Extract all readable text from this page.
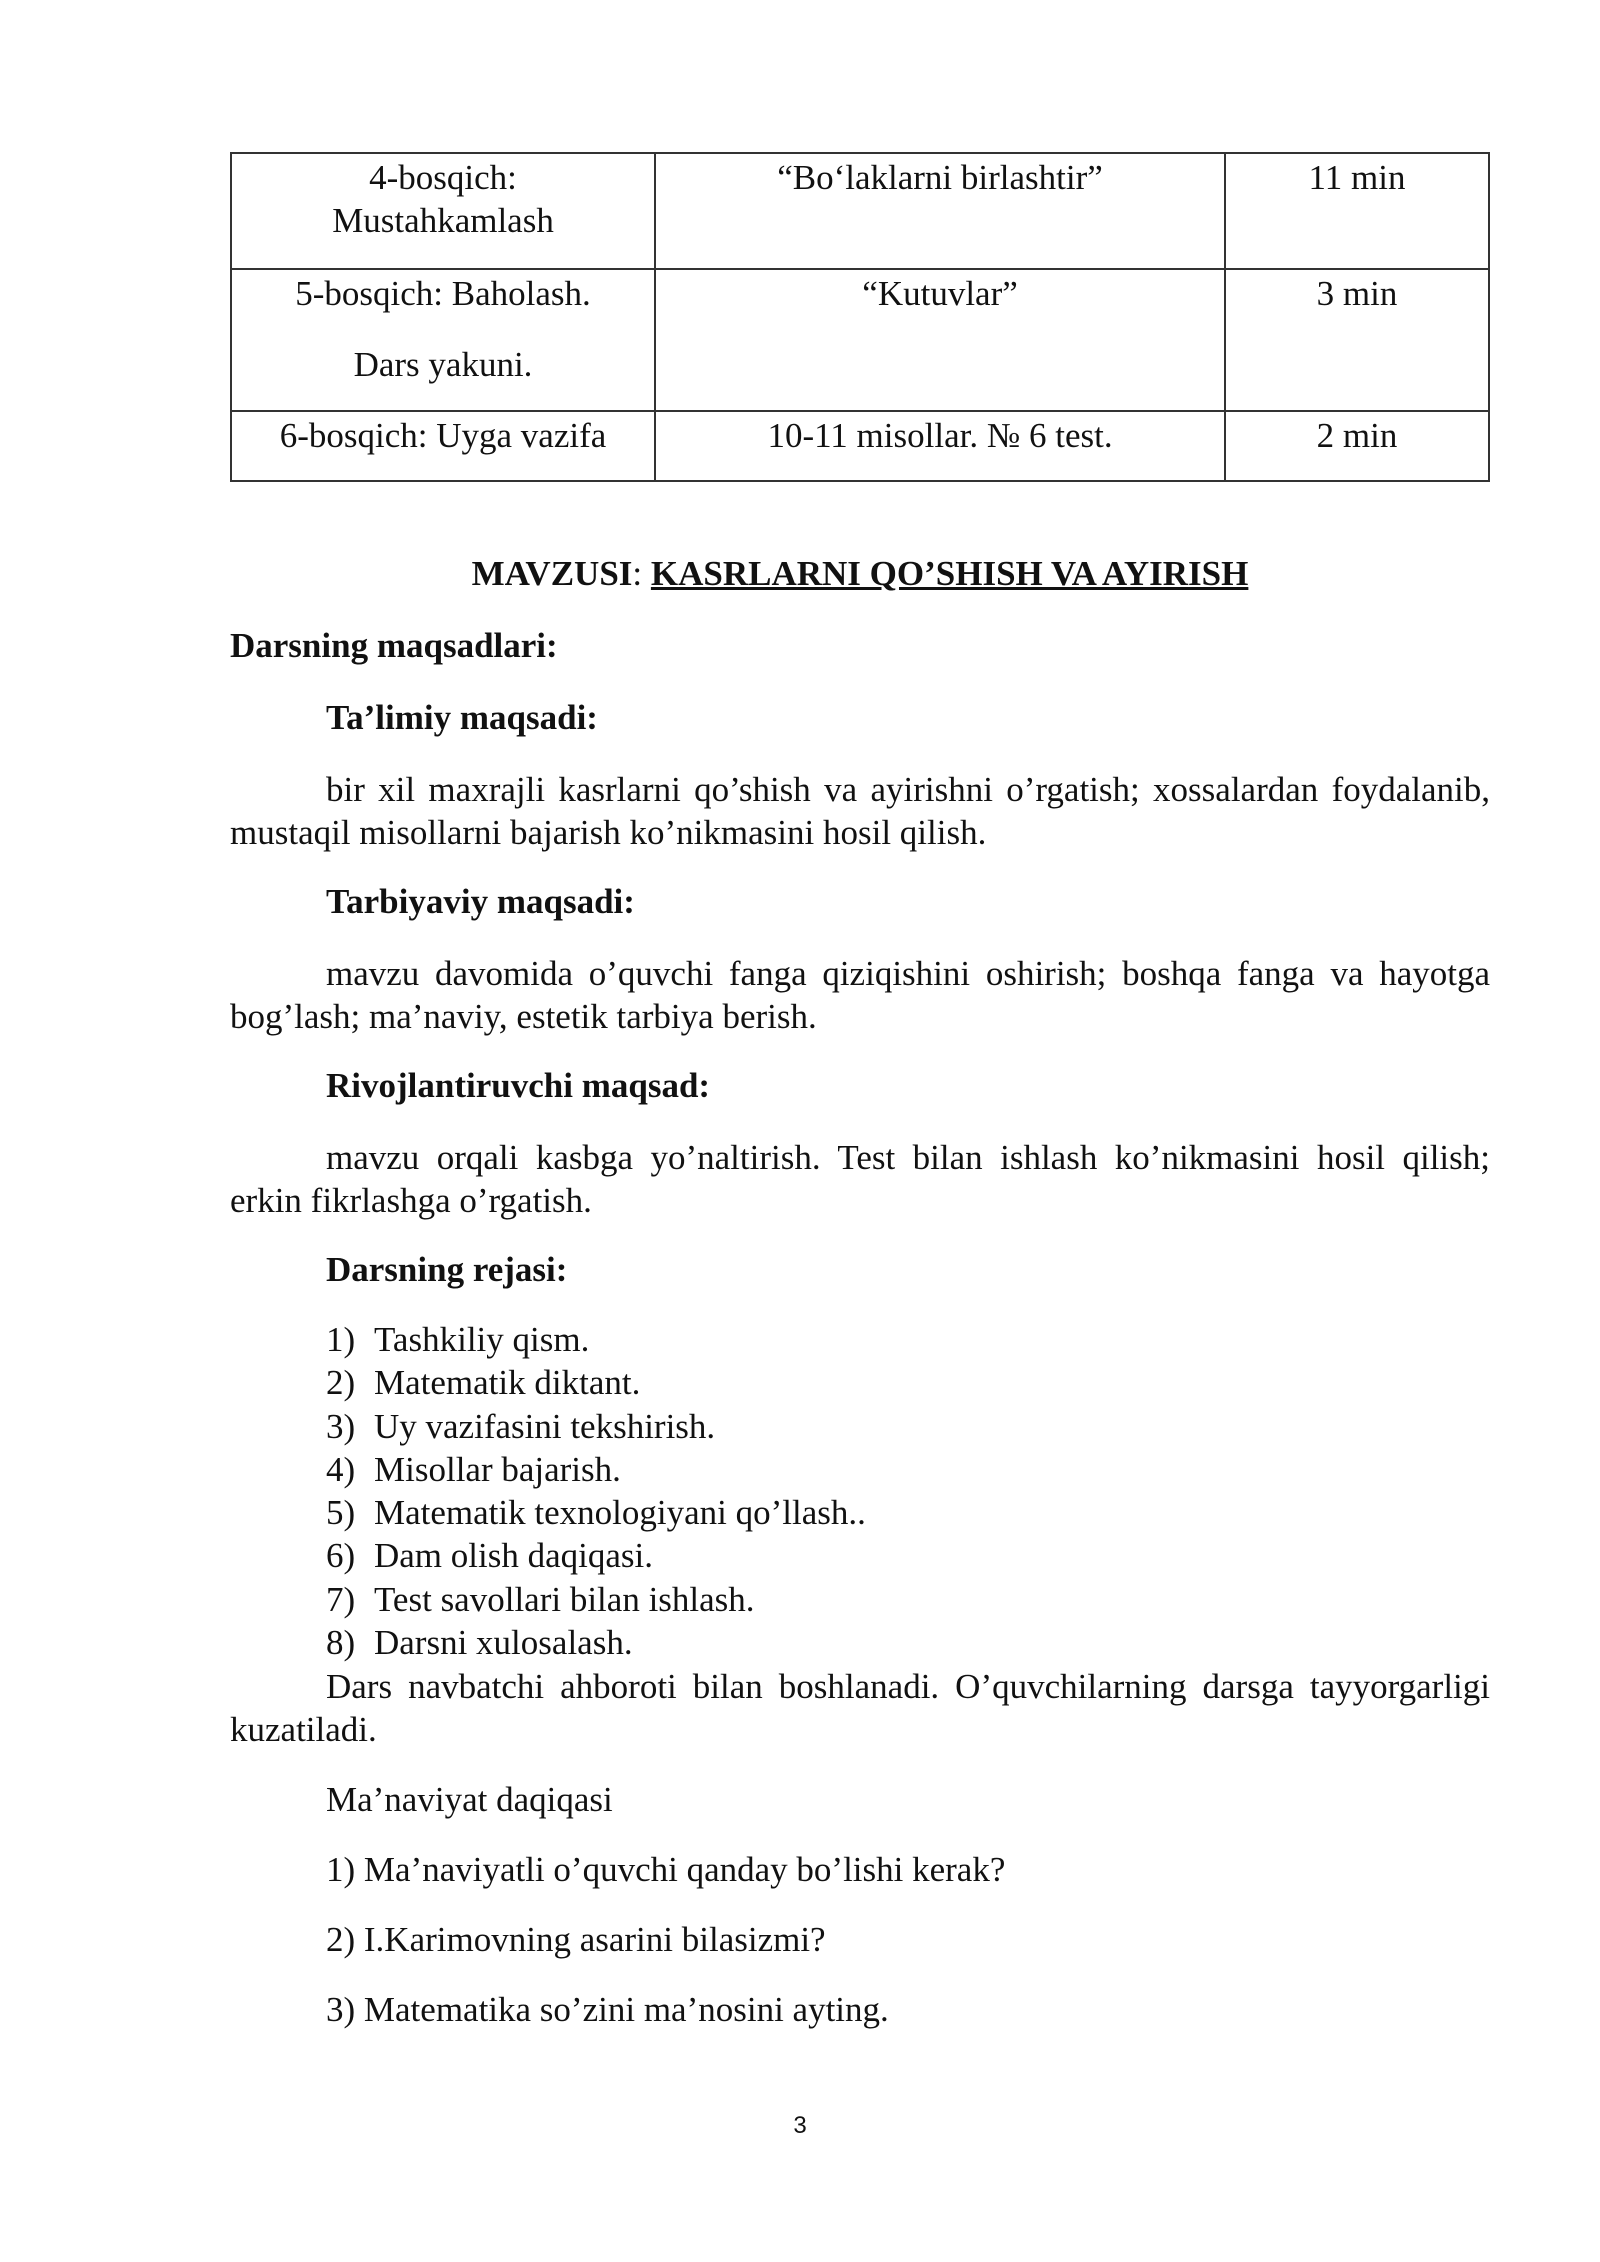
4-bosqich:
Mustahkamlash	“Bo‘laklarni birlashtir”	11 min

5-bosqich: Baholash.
Dars yakuni.	“Kutuvlar”	3 min
6-bosqich: Uyga vazifa	10-11 misollar. № 6 test.	2 min
MAVZUSI: KASRLARNI QO’SHISH VA AYIRISH

Darsning maqsadlari:

Ta’limiy maqsadi:

bir xil maxrajli kasrlarni qo’shish va ayirishni o’rgatish; xossalardan foydalanib, mustaqil misollarni bajarish ko’nikmasini hosil qilish.

Tarbiyaviy maqsadi:

mavzu davomida o’quvchi fanga qiziqishini oshirish; boshqa fanga va hayotga bog’lash; ma’naviy, estetik tarbiya berish.

Rivojlantiruvchi maqsad:

mavzu orqali kasbga yo’naltirish. Test bilan ishlash ko’nikmasini hosil qilish; erkin fikrlashga o’rgatish.

Darsning rejasi:

1) Tashkiliy qism.
2) Matematik diktant.
3) Uy vazifasini tekshirish.
4) Misollar bajarish.
5) Matematik texnologiyani qo’llash..
6) Dam olish daqiqasi.
7) Test savollari bilan ishlash.
8) Darsni xulosalash.

Dars navbatchi ahboroti bilan boshlanadi. O’quvchilarning darsga tayyorgarligi kuzatiladi.

Ma’naviyat daqiqasi

1) Ma’naviyatli o’quvchi qanday bo’lishi kerak?

2) I.Karimovning asarini bilasizmi?

3) Matematika so’zini ma’nosini ayting.

3
